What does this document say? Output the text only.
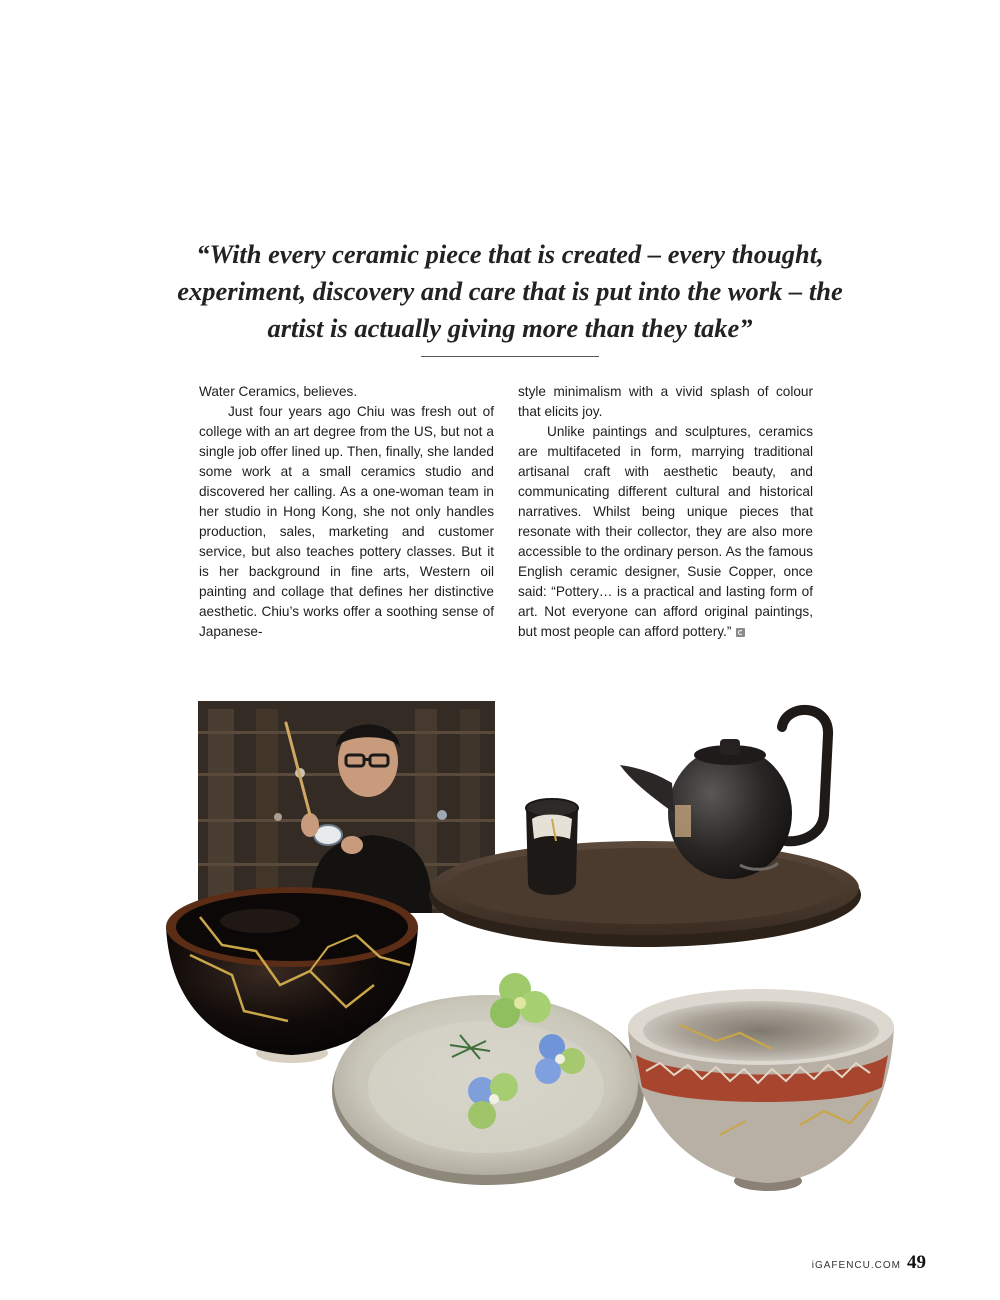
“With every ceramic piece that is created – every thought,
experiment, discovery and care that is put into the work – the
artist is actually giving more than they take”

Water Ceramics, believes.

Just four years ago Chiu was fresh out of college with an art degree from the US, but not a single job offer lined up. Then, finally, she landed some work at a small ceramics studio and discovered her calling. As a one-woman team in her studio in Hong Kong, she not only handles production, sales, marketing and customer service, but also teaches pottery classes. But it is her background in fine arts, Western oil painting and collage that defines her distinctive aesthetic. Chiu’s works offer a soothing sense of Japanese-

style minimalism with a vivid splash of colour that elicits joy.

Unlike paintings and sculptures, ceramics are multifaceted in form, marrying traditional artisanal craft with aesthetic beauty, and communicating different cultural and historical narratives. Whilst being unique pieces that resonate with their collector, they are also more accessible to the ordinary person. As the famous English ceramic designer, Susie Copper, once said: “Pottery… is a practical and lasting form of art. Not everyone can afford original paintings, but most people can afford pottery.”

iGAFENCU.COM 49
